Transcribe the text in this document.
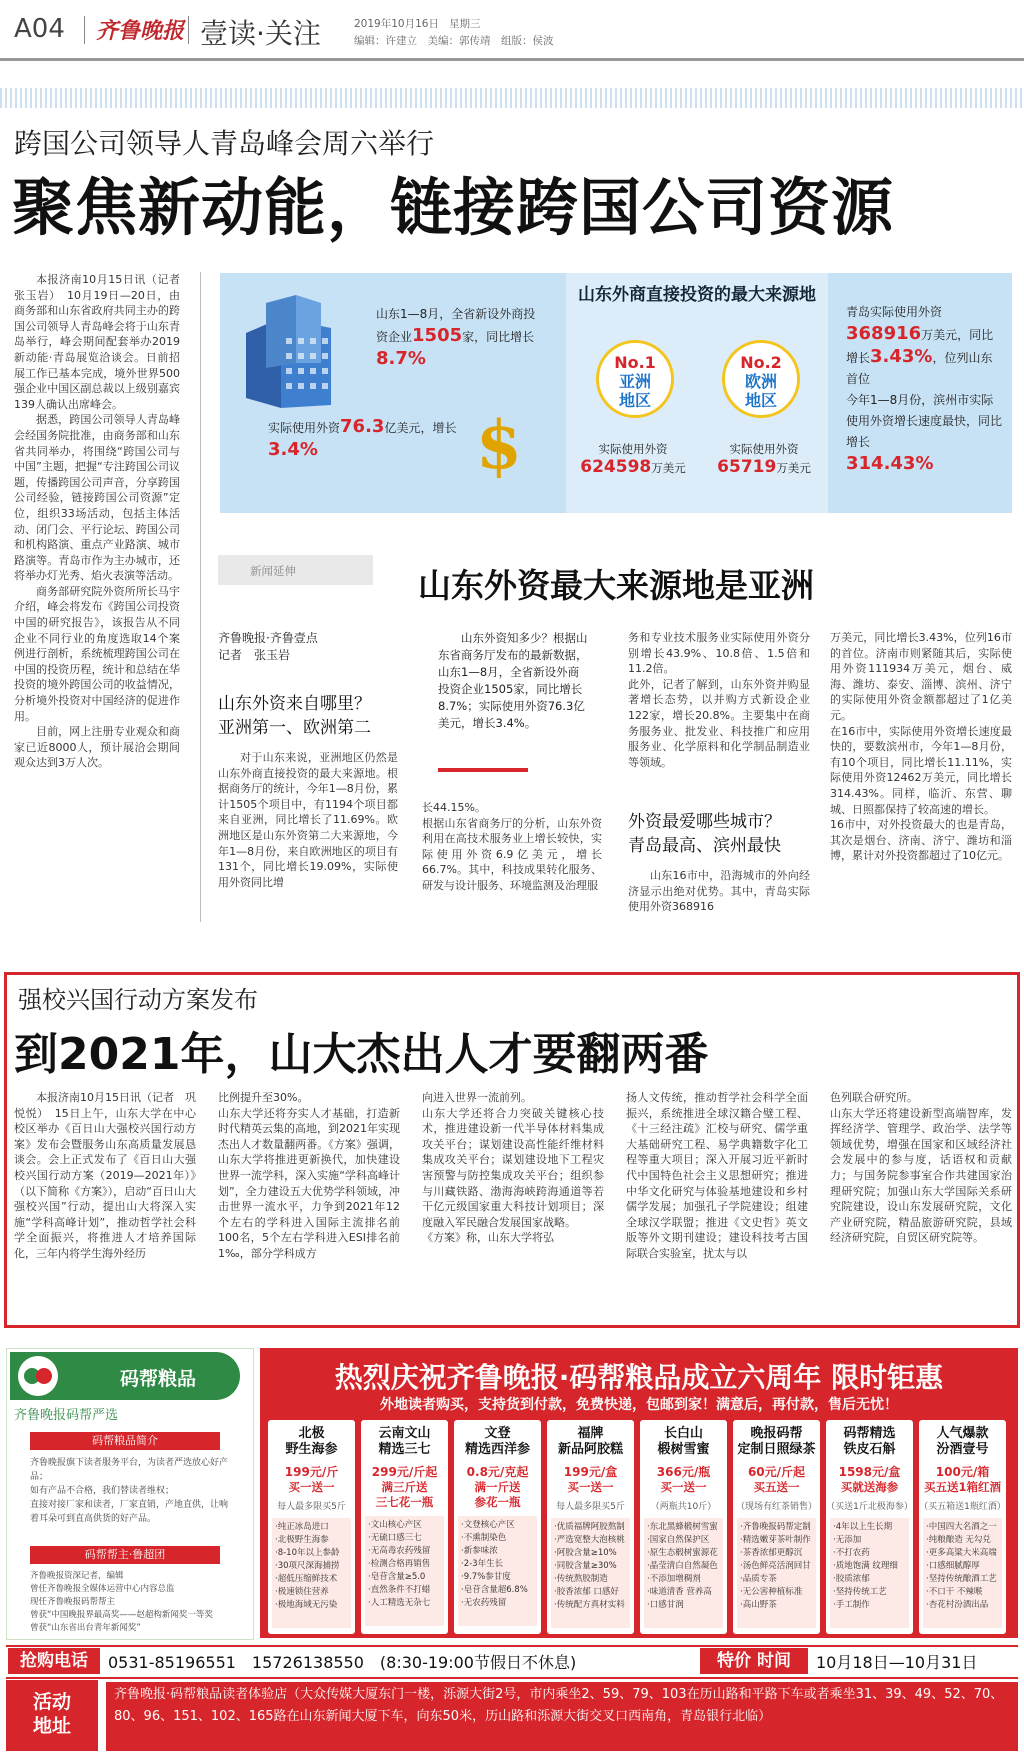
A04 齐鲁晚报 壹读·关注	2019年10月16日 星期三
编辑：许建立　美编：郭传靖　组版：侯波
跨国公司领导人青岛峰会周六举行
聚焦新动能，链接跨国公司资源

本报济南10月15日讯（记者　张玉岩）　10月19日—20日，由商务部和山东省政府共同主办的跨国公司领导人青岛峰会将于山东青岛举行，峰会期间配套举办2019新动能·青岛展览洽谈会。日前招展工作已基本完成，境外世界500强企业中国区副总裁以上级别嘉宾139人确认出席峰会。

据悉，跨国公司领导人青岛峰会经国务院批准，由商务部和山东省共同举办，将围绕“跨国公司与中国”主题，把握“专注跨国公司议题，传播跨国公司声音，分享跨国公司经验，链接跨国公司资源”定位，组织33场活动，包括主体活动、闭门会、平行论坛、跨国公司和机构路演、重点产业路演、城市路演等。青岛市作为主办城市，还将举办灯光秀、焰火表演等活动。

商务部研究院外资所所长马宇介绍，峰会将发布《跨国公司投资中国的研究报告》，该报告从不同企业不同行业的角度选取14个案例进行剖析，系统梳理跨国公司在中国的投资历程，统计和总结在华投资的境外跨国公司的收益情况，分析境外投资对中国经济的促进作用。

目前，网上注册专业观众和商家已近8000人，预计展洽会期间观众达到3万人次。

山东1—8月，全省新设外商投资企业1505家，同比增长8.7%
实际使用外资76.3亿美元，增长3.4%	$
山东外商直接投资的最大来源地
No.1
亚洲
地区
No.2
欧洲
地区
实际使用外资
624598万美元
实际使用外资
65719万美元
青岛实际使用外资368916万美元，同比增长3.43%，位列山东首位
今年1—8月份，滨州市实际使用外资增长速度最快，同比增长
314.43%
新闻延伸	山东外资最大来源地是亚洲
齐鲁晚报·齐鲁壹点
记者　张玉岩
山东外资来自哪里？
亚洲第一、欧洲第二
对于山东来说，亚洲地区仍然是山东外商直接投资的最大来源地。根据商务厅的统计，今年1—8月份，累计1505个项目中，有1194个项目都来自亚洲，同比增长了11.69%。欧洲地区是山东外资第二大来源地，今年1—8月份，来自欧洲地区的项目有131个，同比增长19.09%，实际使用外资同比增
山东外资知多少？根据山东省商务厅发布的最新数据，山东1—8月，全省新设外商投资企业1505家，同比增长8.7%；实际使用外资76.3亿美元，增长3.4%。
长44.15%。
根据山东省商务厅的分析，山东外资利用在高技术服务业上增长较快，实际使用外资6.9亿美元，增长66.7%。其中，科技成果转化服务、研发与设计服务、环境监测及治理服
务和专业技术服务业实际使用外资分别增长43.9%、10.8倍、1.5倍和11.2倍。
此外，记者了解到，山东外资并购显著增长态势，以并购方式新设企业122家，增长20.8%。主要集中在商务服务业、批发业、科技推广和应用服务业、化学原料和化学制品制造业等领域。
外资最爱哪些城市？
青岛最高、滨州最快
山东16市中，沿海城市的外向经济显示出绝对优势。其中，青岛实际使用外资368916
万美元，同比增长3.43%，位列16市的首位。济南市则紧随其后，实际使用外资111934万美元，烟台、威海、潍坊、泰安、淄博、滨州、济宁的实际使用外资金额都超过了1亿美元。
在16市中，实际使用外资增长速度最快的，要数滨州市，今年1—8月份，有10个项目，同比增长11.11%，实际使用外资12462万美元，同比增长314.43%。同样，临沂、东营、聊城、日照都保持了较高速的增长。
16市中，对外投资最大的也是青岛，其次是烟台、济南、济宁、潍坊和淄博，累计对外投资都超过了10亿元。
强校兴国行动方案发布
到2021年，山大杰出人才要翻两番
本报济南10月15日讯（记者　巩悦悦）　15日上午，山东大学在中心校区举办《百日山大强校兴国行动方案》发布会暨服务山东高质量发展恳谈会。会上正式发布了《百日山大强校兴国行动方案（2019—2021年）》（以下简称《方案》），启动“百日山大强校兴国”行动，提出山大将深入实施“学科高峰计划”，推动哲学社会科学全面振兴，将推进人才培养国际化，三年内将学生海外经历
比例提升至30%。
山东大学还将夯实人才基础，打造新时代精英云集的高地，到2021年实现杰出人才数量翻两番。《方案》强调，山东大学将推进更新换代，加快建设世界一流学科，深入实施“学科高峰计划”，全力建设五大优势学科领域，冲击世界一流水平，力争到2021年12个左右的学科进入国际主流排名前100名，5个左右学科进入ESI排名前1‰，部分学科成方
向进入世界一流前列。
山东大学还将合力突破关键核心技术，推进建设新一代半导体材料集成攻关平台；谋划建设高性能纤维材料集成攻关平台；谋划建设地下工程灾害预警与防控集成攻关平台；组织参与川藏铁路、渤海海峡跨海通道等若干亿元级国家重大科技计划项目；深度融入军民融合发展国家战略。
《方案》称，山东大学将弘
扬人文传统，推动哲学社会科学全面振兴，系统推进全球汉籍合璧工程、《十三经注疏》汇校与研究、儒学重大基础研究工程、易学典籍数字化工程等重大项目；深入开展习近平新时代中国特色社会主义思想研究；推进中华文化研究与体验基地建设和乡村儒学发展；加强孔子学院建设；组建全球汉学联盟；推进《文史哲》英文版等外文期刊建设；建设科技考古国际联合实验室，扰太与以
色列联合研究所。
山东大学还将建设新型高端智库，发挥经济学、管理学、政治学、法学等领域优势，增强在国家和区域经济社会发展中的参与度，话语权和贡献力；与国务院参事室合作共建国家治理研究院；加强山东大学国际关系研究院建设，设山东发展研究院，文化产业研究院，精品旅游研究院，县域经济研究院，自贸区研究院等。
码帮粮品
齐鲁晚报码帮严选
码帮粮品简介
齐鲁晚报旗下读者服务平台，为读者严选放心好产品；
如有产品不合格，我们替读者维权；
直接对接厂家和读者，厂家直销，产地直供，让响着耳朵可到直高供货的好产品。
码帮帮主·鲁超团
齐鲁晚报资深记者，编辑
曾任齐鲁晚报全媒体运营中心内容总监
现任齐鲁晚报码帮帮主
曾获“中国晚报界最高奖——赵超构新闻奖一等奖
曾获“山东省出台青年新闻奖”
热烈庆祝齐鲁晚报·码帮粮品成立六周年 限时钜惠
外地读者购买，支持货到付款，免费快递，包邮到家！满意后，再付款，售后无忧！
北极
野生海参
199元/斤
买一送一
每人最多限买5斤
·纯正冰岛进口
·北极野生海参
·8-10年以上参龄
·30项尺深海捕捞
·超低压缩鲜技术
·极速锁住营养
·极地海域无污染
云南文山
精选三七
299元/斤起
满三斤送
三七花一瓶
·文山核心产区
·无硫口感三七
·无高毒农药残留
·检测合格再销售
·皂苷含量≥5.0
·直然条件不打蜡
·人工精选无杂七
文登
精选西洋参
0.8元/克起
满一斤送
参花一瓶
·文登核心产区
·不熏制染色
·新参味浓
·2-3年生长
·9.7%参甘度
·皂苷含量超6.8%
·无农药残留
福牌
新品阿胶糕
199元/盒
买一送一
每人最多限买5斤
·优质福牌阿胶熬制
·严选宽整大泡核桃
·阿胶含量≥10%
·同胶含量≥30%
·传统熬胶制造
·胶香浓郁 口感好
·传统配方真材实料
长白山
椴树雪蜜
366元/瓶
买一送一
（两瓶共10斤）
·东北黑蜂椴树雪蜜
·国家自然保护区
·原生态椴树蜜源花
·晶莹清白自然凝色
·不添加增稠剂
·味道清香 营养高
·口感甘润
晚报码帮
定制日照绿茶
60元/斤起
买五送一
（现场有红茶销售）
·齐鲁晚报码帮定制
·精选嫩芽茶叶制作
·茶香浓郁更醇沉
·汤色鲜亮活润回甘
·品质专茶
·无公害种植标准
·高山野茶
码帮精选
铁皮石斛
1598元/盒
买就送海参
（买送1斤北极海参）
·4年以上生长期
·无添加
·不打农药
·质地饱满 纹理细
·胶质浓郁
·坚持传统工艺
·手工制作
人气爆款
汾酒壹号
100元/箱
买五送1箱红酒
（买五箱送1瓶红酒）
·中国四大名酒之一
·纯粮酿造 无勾兑
·更多高粱大米高端
·口感细腻醇厚
·坚持传统酿酒工艺
·不口干 不辣喉
·杏花村汾酒出品
抢购电话	0531-85196551　15726138550　(8:30-19:00节假日不休息)	特价 时间	10月18日—10月31日
活动
地址
齐鲁晚报·码帮粮品读者体验店（大众传媒大厦东门一楼，泺源大街2号，市内乘坐2、59、79、103在历山路和平路下车或者乘坐31、39、49、52、70、80、96、151、102、165路在山东新闻大厦下车，向东50米，历山路和泺源大街交叉口西南角，青岛银行北临）
